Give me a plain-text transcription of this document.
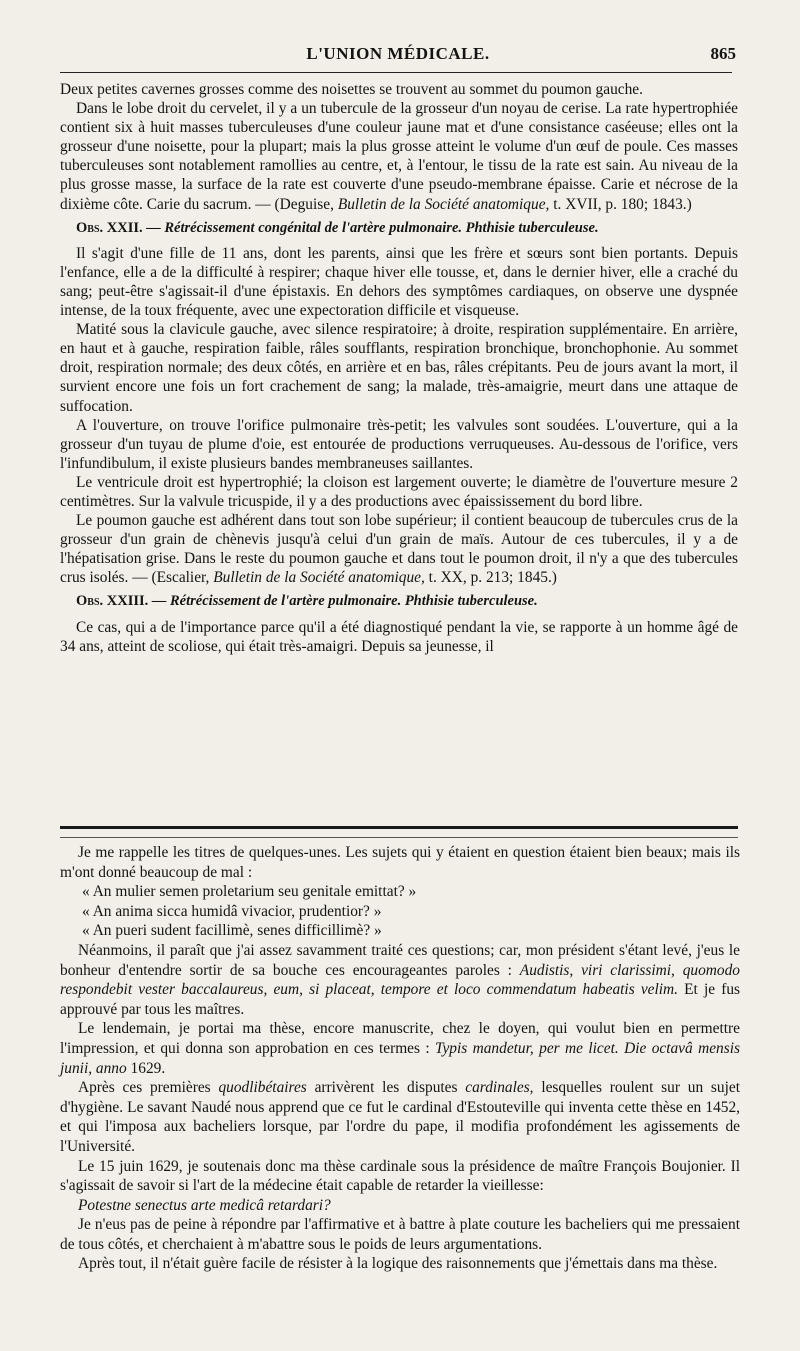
L'UNION MÉDICALE.	865

Deux petites cavernes grosses comme des noisettes se trouvent au sommet du poumon gauche.

Dans le lobe droit du cervelet, il y a un tubercule de la grosseur d'un noyau de cerise. La rate hypertrophiée contient six à huit masses tuberculeuses d'une couleur jaune mat et d'une consistance caséeuse; elles ont la grosseur d'une noisette, pour la plupart; mais la plus grosse atteint le volume d'un œuf de poule. Ces masses tuberculeuses sont notablement ramollies au centre, et, à l'entour, le tissu de la rate est sain. Au niveau de la plus grosse masse, la surface de la rate est couverte d'une pseudo-membrane épaisse. Carie et nécrose de la dixième côte. Carie du sacrum. — (Deguise, Bulletin de la Société anatomique, t. XVII, p. 180; 1843.)

Obs. XXII. — Rétrécissement congénital de l'artère pulmonaire. Phthisie tuberculeuse.

Il s'agit d'une fille de 11 ans, dont les parents, ainsi que les frère et sœurs sont bien portants. Depuis l'enfance, elle a de la difficulté à respirer; chaque hiver elle tousse, et, dans le dernier hiver, elle a craché du sang; peut-être s'agissait-il d'une épistaxis. En dehors des symptômes cardiaques, on observe une dyspnée intense, de la toux fréquente, avec une expectoration difficile et visqueuse.

Matité sous la clavicule gauche, avec silence respiratoire; à droite, respiration supplémentaire. En arrière, en haut et à gauche, respiration faible, râles soufflants, respiration bronchique, bronchophonie. Au sommet droit, respiration normale; des deux côtés, en arrière et en bas, râles crépitants. Peu de jours avant la mort, il survient encore une fois un fort crachement de sang; la malade, très-amaigrie, meurt dans une attaque de suffocation.

A l'ouverture, on trouve l'orifice pulmonaire très-petit; les valvules sont soudées. L'ouverture, qui a la grosseur d'un tuyau de plume d'oie, est entourée de productions verruqueuses. Au-dessous de l'orifice, vers l'infundibulum, il existe plusieurs bandes membraneuses saillantes.

Le ventricule droit est hypertrophié; la cloison est largement ouverte; le diamètre de l'ouverture mesure 2 centimètres. Sur la valvule tricuspide, il y a des productions avec épaississement du bord libre.

Le poumon gauche est adhérent dans tout son lobe supérieur; il contient beaucoup de tubercules crus de la grosseur d'un grain de chènevis jusqu'à celui d'un grain de maïs. Autour de ces tubercules, il y a de l'hépatisation grise. Dans le reste du poumon gauche et dans tout le poumon droit, il n'y a que des tubercules crus isolés. — (Escalier, Bulletin de la Société anatomique, t. XX, p. 213; 1845.)

Obs. XXIII. — Rétrécissement de l'artère pulmonaire. Phthisie tuberculeuse.

Ce cas, qui a de l'importance parce qu'il a été diagnostiqué pendant la vie, se rapporte à un homme âgé de 34 ans, atteint de scoliose, qui était très-amaigri. Depuis sa jeunesse, il

Je me rappelle les titres de quelques-unes. Les sujets qui y étaient en question étaient bien beaux; mais ils m'ont donné beaucoup de mal :

« An mulier semen proletarium seu genitale emittat? »

« An anima sicca humidâ vivacior, prudentior? »

« An pueri sudent facillimè, senes difficillimè? »

Néanmoins, il paraît que j'ai assez savamment traité ces questions; car, mon président s'étant levé, j'eus le bonheur d'entendre sortir de sa bouche ces encourageantes paroles : Audistis, viri clarissimi, quomodo respondebit vester baccalaureus, eum, si placeat, tempore et loco commendatum habeatis velim. Et je fus approuvé par tous les maîtres.

Le lendemain, je portai ma thèse, encore manuscrite, chez le doyen, qui voulut bien en permettre l'impression, et qui donna son approbation en ces termes : Typis mandetur, per me licet. Die octavâ mensis junii, anno 1629.

Après ces premières quodlibétaires arrivèrent les disputes cardinales, lesquelles roulent sur un sujet d'hygiène. Le savant Naudé nous apprend que ce fut le cardinal d'Estouteville qui inventa cette thèse en 1452, et qui l'imposa aux bacheliers lorsque, par l'ordre du pape, il modifia profondément les agissements de l'Université.

Le 15 juin 1629, je soutenais donc ma thèse cardinale sous la présidence de maître François Boujonier. Il s'agissait de savoir si l'art de la médecine était capable de retarder la vieillesse:

Potestne senectus arte medicâ retardari?

Je n'eus pas de peine à répondre par l'affirmative et à battre à plate couture les bacheliers qui me pressaient de tous côtés, et cherchaient à m'abattre sous le poids de leurs argumentations.

Après tout, il n'était guère facile de résister à la logique des raisonnements que j'émettais dans ma thèse.
